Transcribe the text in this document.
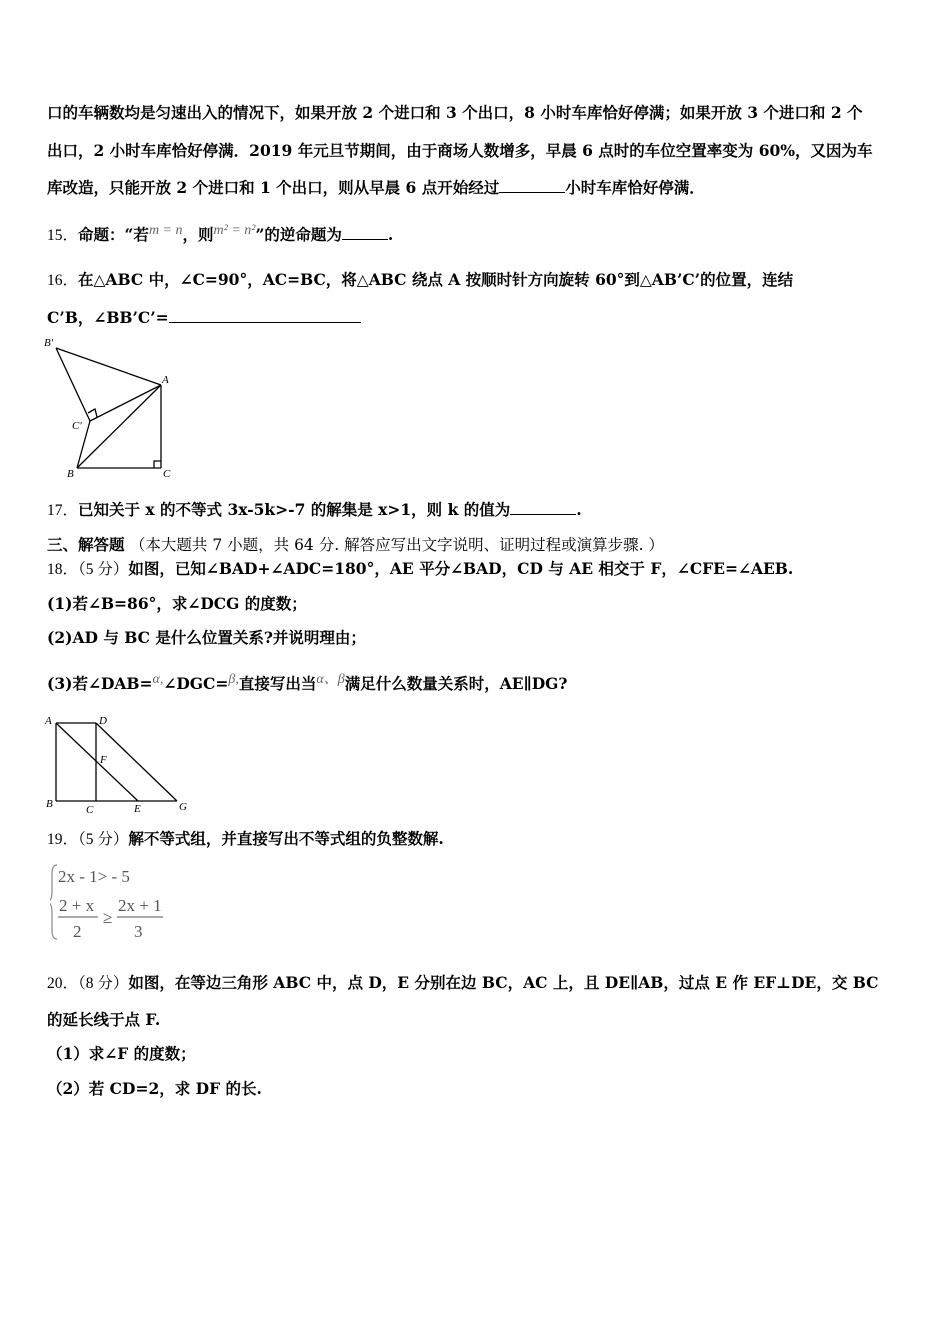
口的车辆数均是匀速出入的情况下，如果开放 2 个进口和 3 个出口，8 小时车库恰好停满；如果开放 3 个进口和 2 个
出口，2 小时车库恰好停满．2019 年元旦节期间，由于商场人数增多，早晨 6 点时的车位空置率变为 60%，又因为车
库改造，只能开放 2 个进口和 1 个出口，则从早晨 6 点开始经过	小时车库恰好停满．
15．命题：“若m = n，则m² = n²”的逆命题为	.
16．在△ABC 中，∠C=90°，AC=BC，将△ABC 绕点 A 按顺时针方向旋转 60°到△AB’C’的位置，连结
C’B，∠BB’C’=
B′
A
C′
B	C
17．已知关于 x 的不等式 3x-5k>-7 的解集是 x>1，则 k 的值为	.
三、解答题 （本大题共 7 小题，共 64 分. 解答应写出文字说明、证明过程或演算步骤. ）
18．（5 分）如图，已知∠BAD+∠ADC=180°，AE 平分∠BAD，CD 与 AE 相交于 F，∠CFE=∠AEB.
(1)若∠B=86°，求∠DCG 的度数；
(2)AD 与 BC 是什么位置关系?并说明理由；
(3)若∠DAB=α,∠DGC=β,直接写出当α、β满足什么数量关系时，AE∥DG?
A	D
F
B	C	E	G
19．（5 分）解不等式组，并直接写出不等式组的负整数解.
2x - 1> - 5
2 + x
2
≥
2x + 1
3
20．（8 分）如图，在等边三角形 ABC 中，点 D，E 分别在边 BC，AC 上，且 DE∥AB，过点 E 作 EF⊥DE，交 BC
的延长线于点 F.
（1）求∠F 的度数；
（2）若 CD=2，求 DF 的长.
